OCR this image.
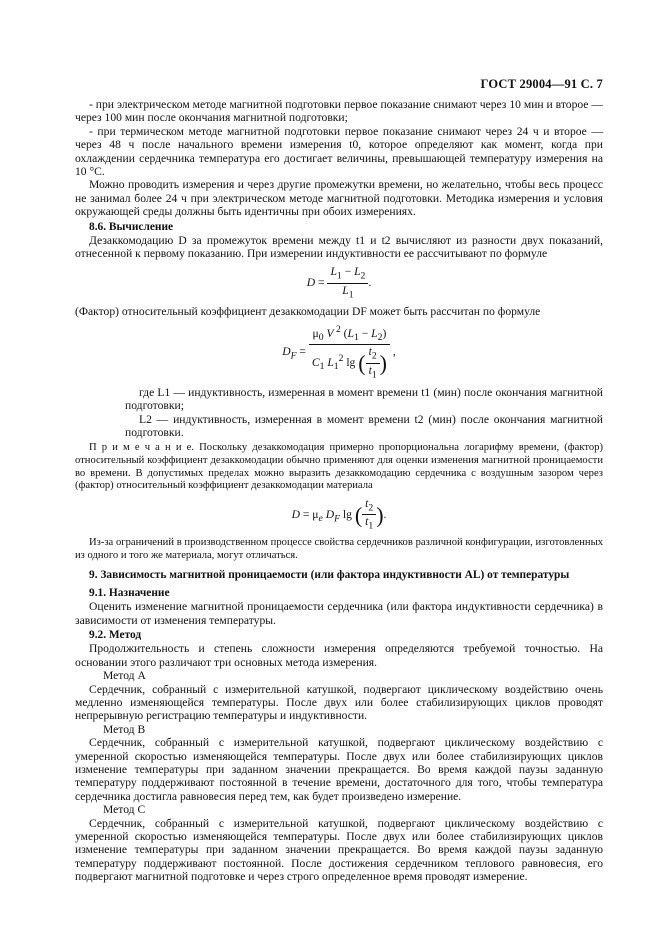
ГОСТ 29004—91 С. 7

- при электрическом методе магнитной подготовки первое показание снимают через 10 мин и второе — через 100 мин после окончания магнитной подготовки;

- при термическом методе магнитной подготовки первое показание снимают через 24 ч и второе — через 48 ч после начального времени измерения t0, которое определяют как момент, когда при охлаждении сердечника температура его достигает величины, превышающей температуру измерения на 10 °С.

Можно проводить измерения и через другие промежутки времени, но желательно, чтобы весь процесс не занимал более 24 ч при электрическом методе магнитной подготовки. Методика измерения и условия окружающей среды должны быть идентичны при обоих измерениях.

8.6. Вычисление

Дезаккомодацию D за промежуток времени между t1 и t2 вычисляют из разности двух показаний, отнесенной к первому показанию. При измерении индуктивности ее рассчитывают по формуле

$D = \frac{L_1 - L_2}{L_1}$ .

(Фактор) относительный коэффициент дезаккомодации DF может быть рассчитан по формуле

$D_F = \frac{\mu_0 V ^2 (L_1 - L_2)}{C_1 L_1^2 \lg ( \frac{t_2}{t_1} )}$ ,

где L1 — индуктивность, измеренная в момент времени t1 (мин) после окончания магнитной подготовки;

L2 — индуктивность, измеренная в момент времени t2 (мин) после окончания магнитной подготовки.

П р и м е ч а н и е. Поскольку дезаккомодация примерно пропорциональна логарифму времени, (фактор) относительный коэффициент дезаккомодации обычно применяют для оценки изменения магнитной проницаемости во времени. В допустимых пределах можно выразить дезаккомодацию сердечника с воздушным зазором через (фактор) относительный коэффициент дезаккомодации материала

$D = \mu_e$ $D_F$ lg ( $\frac{t_2}{t_1}$ ).

Из-за ограничений в производственном процессе свойства сердечников различной конфигурации, изготовленных из одного и того же материала, могут отличаться.

9. Зависимость магнитной проницаемости (или фактора индуктивности AL) от температуры
9.1. Назначение

Оценить изменение магнитной проницаемости сердечника (или фактора индуктивности сердечника) в зависимости от изменения температуры.

9.2. Метод

Продолжительность и степень сложности измерения определяются требуемой точностью. На основании этого различают три основных метода измерения.

Метод А

Сердечник, собранный с измерительной катушкой, подвергают циклическому воздействию очень медленно изменяющейся температуры. После двух или более стабилизирующих циклов проводят непрерывную регистрацию температуры и индуктивности.

Метод В

Сердечник, собранный с измерительной катушкой, подвергают циклическому воздействию с умеренной скоростью изменяющейся температуры. После двух или более стабилизирующих циклов изменение температуры при заданном значении прекращается. Во время каждой паузы заданную температуру поддерживают постоянной в течение времени, достаточного для того, чтобы температура сердечника достигла равновесия перед тем, как будет произведено измерение.

Метод С

Сердечник, собранный с измерительной катушкой, подвергают циклическому воздействию с умеренной скоростью изменяющейся температуры. После двух или более стабилизирующих циклов изменение температуры при заданном значении прекращается. Во время каждой паузы заданную температуру поддерживают постоянной. После достижения сердечником теплового равновесия, его подвергают магнитной подготовке и через строго определенное время проводят измерение.
